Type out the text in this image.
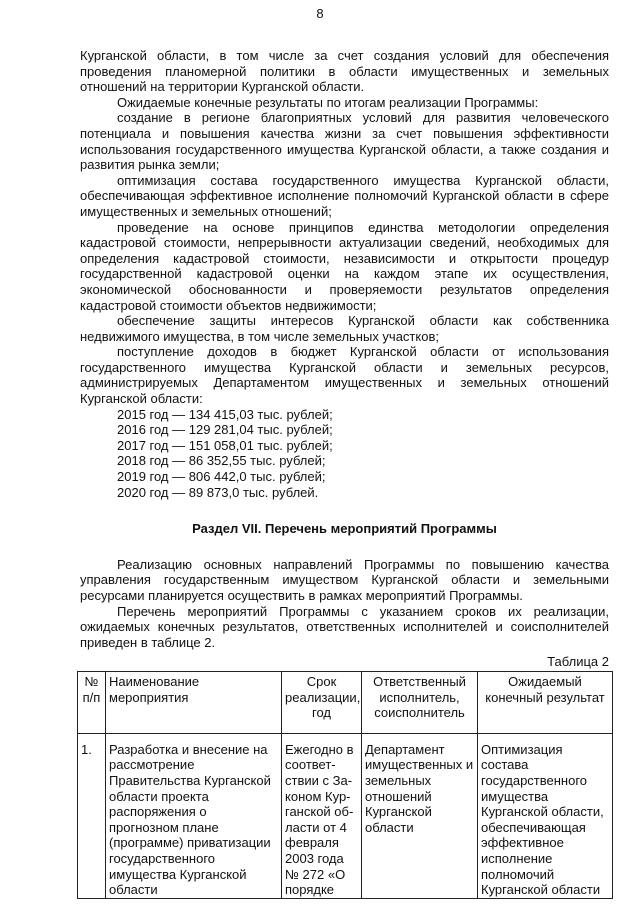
8

Курганской области, в том числе за счет создания условий для обеспечения проведения планомерной политики в области имущественных и земельных отношений на территории Курганской области.

Ожидаемые конечные результаты по итогам реализации Программы:

создание в регионе благоприятных условий для развития человеческого потенциала и повышения качества жизни за счет повышения эффективности использования государственного имущества Курганской области, а также создания и развития рынка земли;

оптимизация состава государственного имущества Курганской области, обеспечивающая эффективное исполнение полномочий Курганской области в сфере имущественных и земельных отношений;

проведение на основе принципов единства методологии определения кадастровой стоимости, непрерывности актуализации сведений, необходимых для определения кадастровой стоимости, независимости и открытости процедур государственной кадастровой оценки на каждом этапе их осуществления, экономической обоснованности и проверяемости результатов определения кадастровой стоимости объектов недвижимости;

обеспечение защиты интересов Курганской области как собственника недвижимого имущества, в том числе земельных участков;

поступление доходов в бюджет Курганской области от использования государственного имущества Курганской области и земельных ресурсов, администрируемых Департаментом имущественных и земельных отношений Курганской области:

2015 год — 134 415,03 тыс. рублей;

2016 год — 129 281,04 тыс. рублей;

2017 год — 151 058,01 тыс. рублей;

2018 год — 86 352,55 тыс. рублей;

2019 год — 806 442,0 тыс. рублей;

2020 год — 89 873,0 тыс. рублей.

Раздел VII. Перечень мероприятий Программы

Реализацию основных направлений Программы по повышению качества управления государственным имуществом Курганской области и земельными ресурсами планируется осуществить в рамках мероприятий Программы.

Перечень мероприятий Программы с указанием сроков их реализации, ожидаемых конечных результатов, ответственных исполнителей и соисполнителей приведен в таблице 2.

Таблица 2

№ п/п	Наименование мероприятия	Срок реализации, год	Ответственный исполнитель, соисполнитель	Ожидаемый конечный результат
1.	Разработка и внесение на рассмотрение Правительства Курганской области проекта распоряжения о прогнозном плане (программе) приватизации государственного имущества Курганской области	Ежегодно в соответ-ствии с За-коном Кур-ганской об-ласти от 4 февраля 2003 года № 272 «О порядке	Департамент имущественных и земельных отношений Курганской области	Оптимизация состава государственного имущества Курганской области, обеспечивающая эффективное исполнение полномочий Курганской области
